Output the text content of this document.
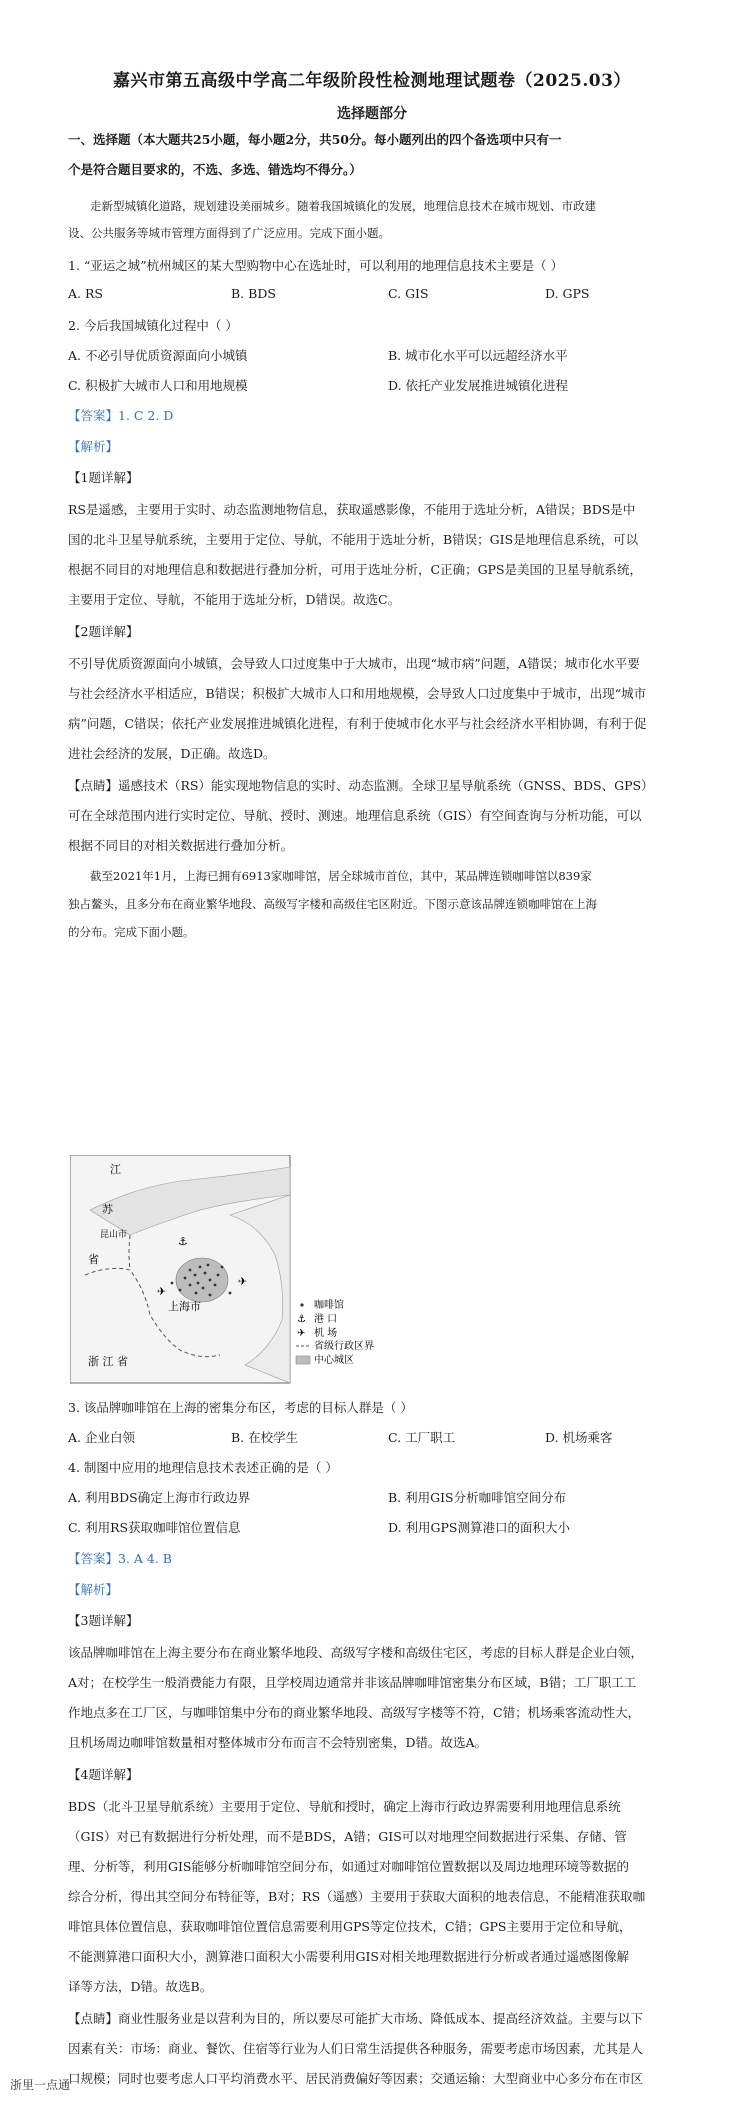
嘉兴市第五高级中学高二年级阶段性检测地理试题卷（2025.03）
选择题部分
一、选择题（本大题共25小题，每小题2分，共50分。每小题列出的四个备选项中只有一
个是符合题目要求的，不选、多选、错选均不得分。）
走新型城镇化道路，规划建设美丽城乡。随着我国城镇化的发展，地理信息技术在城市规划、市政建
设、公共服务等城市管理方面得到了广泛应用。完成下面小题。
1. “亚运之城”杭州城区的某大型购物中心在选址时，可以利用的地理信息技术主要是（ ）
A. RS	B. BDS	C. GIS	D. GPS
2. 今后我国城镇化过程中（ ）
A. 不必引导优质资源面向小城镇	B. 城市化水平可以远超经济水平
C. 积极扩大城市人口和用地规模	D. 依托产业发展推进城镇化进程
【答案】1. C 2. D
【解析】
【1题详解】
RS是遥感，主要用于实时、动态监测地物信息，获取遥感影像，不能用于选址分析，A错误；BDS是中
国的北斗卫星导航系统，主要用于定位、导航，不能用于选址分析，B错误；GIS是地理信息系统，可以
根据不同目的对地理信息和数据进行叠加分析，可用于选址分析，C正确；GPS是美国的卫星导航系统，
主要用于定位、导航，不能用于选址分析，D错误。故选C。
【2题详解】
不引导优质资源面向小城镇，会导致人口过度集中于大城市，出现“城市病”问题，A错误；城市化水平要
与社会经济水平相适应，B错误；积极扩大城市人口和用地规模，会导致人口过度集中于城市，出现“城市
病”问题，C错误；依托产业发展推进城镇化进程，有利于使城市化水平与社会经济水平相协调，有利于促
进社会经济的发展，D正确。故选D。
【点睛】遥感技术（RS）能实现地物信息的实时、动态监测。全球卫星导航系统（GNSS、BDS、GPS）
可在全球范围内进行实时定位、导航、授时、测速。地理信息系统（GIS）有空间查询与分析功能，可以
根据不同目的对相关数据进行叠加分析。
截至2021年1月，上海已拥有6913家咖啡馆，居全球城市首位，其中，某品牌连锁咖啡馆以839家
独占鳌头，且多分布在商业繁华地段、高级写字楼和高级住宅区附近。下图示意该品牌连锁咖啡馆在上海
的分布。完成下面小题。
⚓
✈
✈
江
苏
昆山市
省
上海市
浙 江 省
咖啡馆
⚓ 港 口
✈ 机 场
省级行政区界
中心城区
3. 该品牌咖啡馆在上海的密集分布区，考虑的目标人群是（ ）
A. 企业白领	B. 在校学生	C. 工厂职工	D. 机场乘客
4. 制图中应用的地理信息技术表述正确的是（ ）
A. 利用BDS确定上海市行政边界	B. 利用GIS分析咖啡馆空间分布
C. 利用RS获取咖啡馆位置信息	D. 利用GPS测算港口的面积大小
【答案】3. A 4. B
【解析】
【3题详解】
该品牌咖啡馆在上海主要分布在商业繁华地段、高级写字楼和高级住宅区，考虑的目标人群是企业白领，
A对；在校学生一般消费能力有限，且学校周边通常并非该品牌咖啡馆密集分布区域，B错；工厂职工工
作地点多在工厂区，与咖啡馆集中分布的商业繁华地段、高级写字楼等不符，C错；机场乘客流动性大，
且机场周边咖啡馆数量相对整体城市分布而言不会特别密集，D错。故选A。
【4题详解】
BDS（北斗卫星导航系统）主要用于定位、导航和授时，确定上海市行政边界需要利用地理信息系统
（GIS）对已有数据进行分析处理，而不是BDS，A错；GIS可以对地理空间数据进行采集、存储、管
理、分析等，利用GIS能够分析咖啡馆空间分布，如通过对咖啡馆位置数据以及周边地理环境等数据的
综合分析，得出其空间分布特征等，B对；RS（遥感）主要用于获取大面积的地表信息，不能精准获取咖
啡馆具体位置信息，获取咖啡馆位置信息需要利用GPS等定位技术，C错；GPS主要用于定位和导航，
不能测算港口面积大小，测算港口面积大小需要利用GIS对相关地理数据进行分析或者通过遥感图像解
译等方法，D错。故选B。
【点睛】商业性服务业是以营利为目的，所以要尽可能扩大市场、降低成本、提高经济效益。主要与以下
因素有关：市场：商业、餐饮、住宿等行业为人们日常生活提供各种服务，需要考虑市场因素，尤其是人
口规模；同时也要考虑人口平均消费水平、居民消费偏好等因素；交通运输：大型商业中心多分布在市区
浙里一点通
